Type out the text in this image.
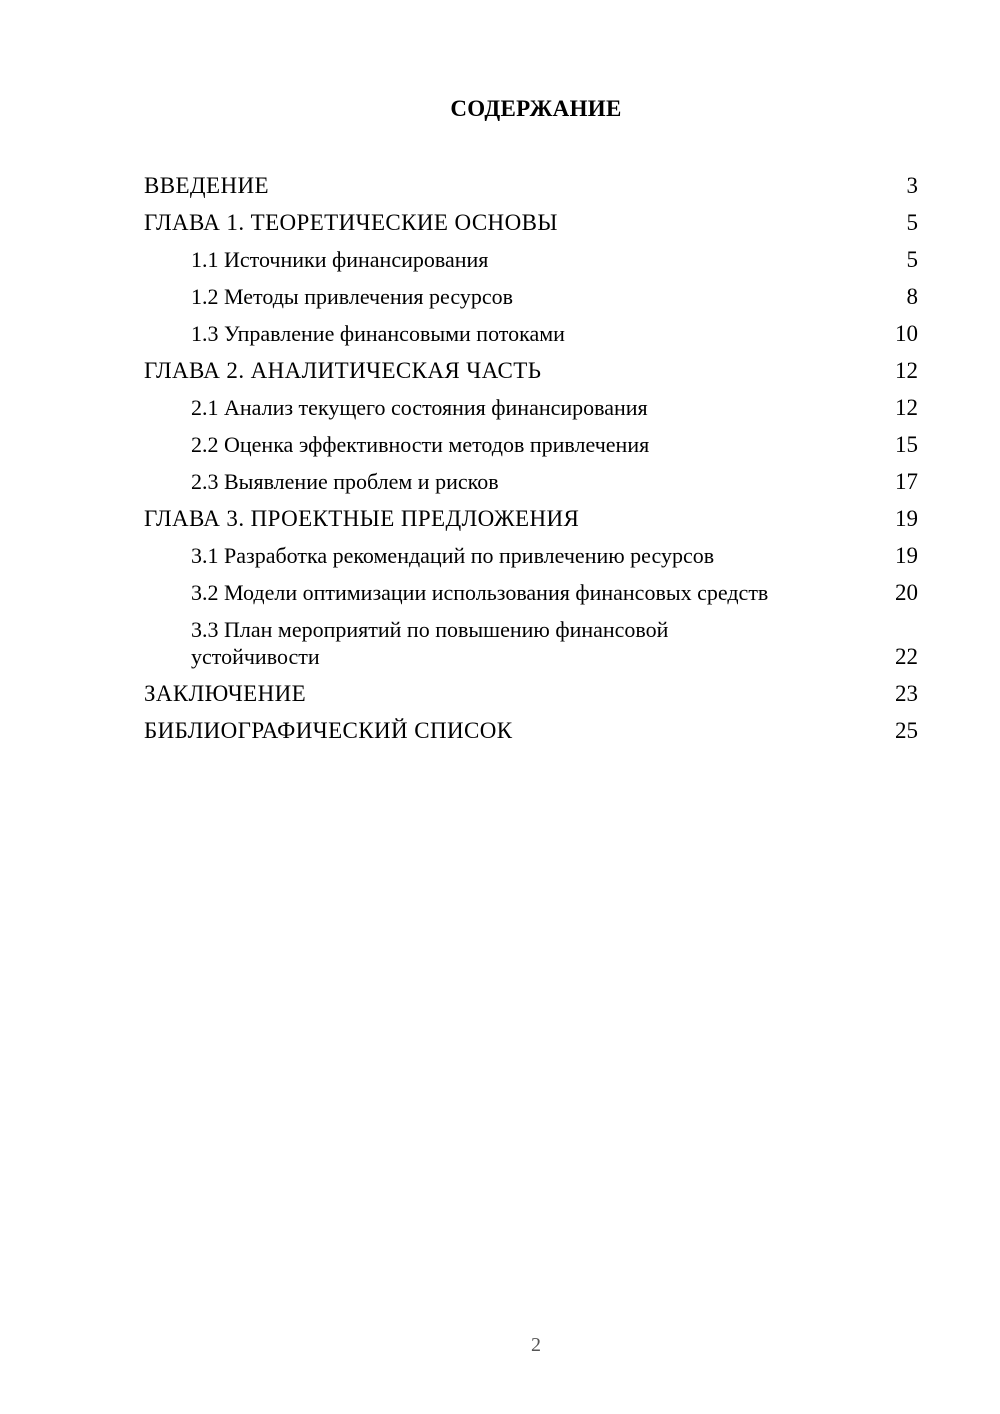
СОДЕРЖАНИЕ
ВВЕДЕНИЕ	3
ГЛАВА 1. ТЕОРЕТИЧЕСКИЕ ОСНОВЫ	5
1.1 Источники финансирования	5
1.2 Методы привлечения ресурсов	8
1.3 Управление финансовыми потоками	10
ГЛАВА 2. АНАЛИТИЧЕСКАЯ ЧАСТЬ	12
2.1 Анализ текущего состояния финансирования	12
2.2 Оценка эффективности методов привлечения	15
2.3 Выявление проблем и рисков	17
ГЛАВА 3. ПРОЕКТНЫЕ ПРЕДЛОЖЕНИЯ	19
3.1 Разработка рекомендаций по привлечению ресурсов	19
3.2 Модели оптимизации использования финансовых средств	20
3.3 План мероприятий по повышению финансовой устойчивости	22
ЗАКЛЮЧЕНИЕ	23
БИБЛИОГРАФИЧЕСКИЙ СПИСОК	25
2
